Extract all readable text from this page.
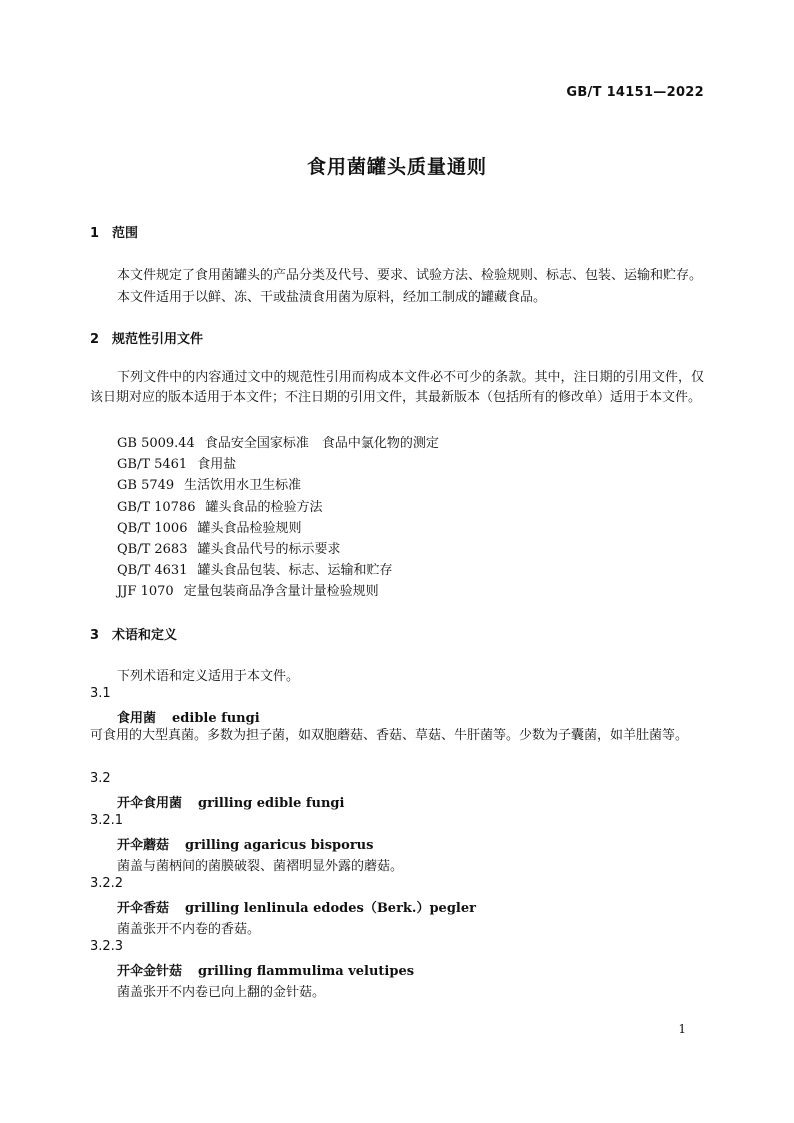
GB/T 14151—2022
食用菌罐头质量通则
1 范围
本文件规定了食用菌罐头的产品分类及代号、要求、试验方法、检验规则、标志、包装、运输和贮存。
本文件适用于以鲜、冻、干或盐渍食用菌为原料，经加工制成的罐藏食品。
2 规范性引用文件
下列文件中的内容通过文中的规范性引用而构成本文件必不可少的条款。其中，注日期的引用文件，仅该日期对应的版本适用于本文件；不注日期的引用文件，其最新版本（包括所有的修改单）适用于本文件。
GB 5009.44 食品安全国家标准　食品中氯化物的测定
GB/T 5461 食用盐
GB 5749 生活饮用水卫生标准
GB/T 10786 罐头食品的检验方法
QB/T 1006 罐头食品检验规则
QB/T 2683 罐头食品代号的标示要求
QB/T 4631 罐头食品包装、标志、运输和贮存
JJF 1070 定量包装商品净含量计量检验规则
3 术语和定义
下列术语和定义适用于本文件。
3.1
食用菌 edible fungi
可食用的大型真菌。多数为担子菌，如双胞蘑菇、香菇、草菇、牛肝菌等。少数为子囊菌，如羊肚菌等。
3.2
开伞食用菌 grilling edible fungi
3.2.1
开伞蘑菇 grilling agaricus bisporus
菌盖与菌柄间的菌膜破裂、菌褶明显外露的蘑菇。
3.2.2
开伞香菇 grilling lenlinula edodes（Berk.）pegler
菌盖张开不内卷的香菇。
3.2.3
开伞金针菇 grilling flammulima velutipes
菌盖张开不内卷已向上翻的金针菇。
1
